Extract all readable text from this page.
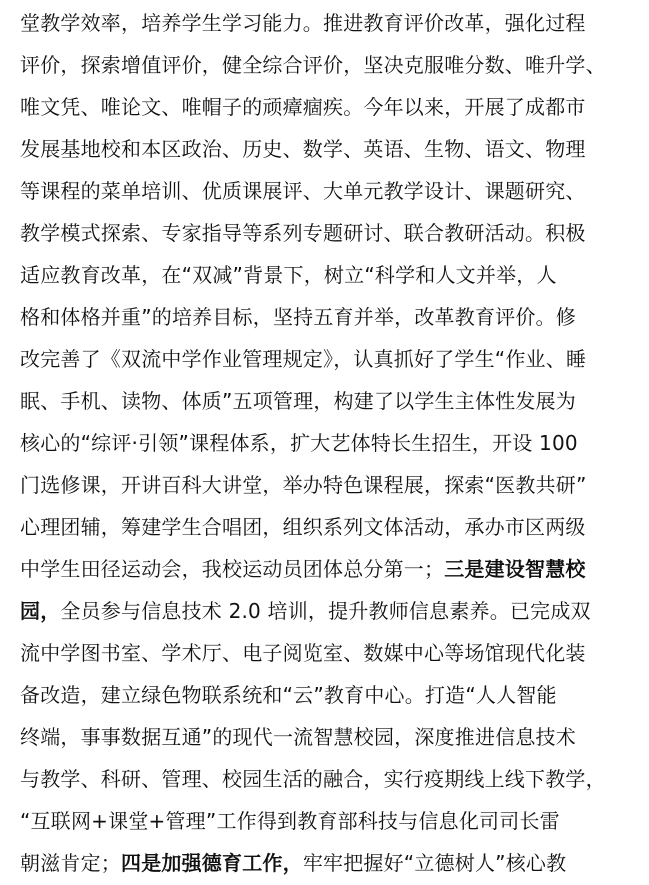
堂教学效率，培养学生学习能力。推进教育评价改革，强化过程
评价，探索增值评价，健全综合评价，坚决克服唯分数、唯升学、
唯文凭、唯论文、唯帽子的顽瘴痼疾。今年以来，开展了成都市
发展基地校和本区政治、历史、数学、英语、生物、语文、物理
等课程的菜单培训、优质课展评、大单元教学设计、课题研究、
教学模式探索、专家指导等系列专题研讨、联合教研活动。积极
适应教育改革，在“双减”背景下，树立“科学和人文并举，人
格和体格并重”的培养目标，坚持五育并举，改革教育评价。修
改完善了《双流中学作业管理规定》，认真抓好了学生“作业、睡
眠、手机、读物、体质”五项管理，构建了以学生主体性发展为
核心的“综评·引领”课程体系，扩大艺体特长生招生，开设 100
门选修课，开讲百科大讲堂，举办特色课程展，探索“医教共研”
心理团辅，筹建学生合唱团，组织系列文体活动，承办市区两级
中学生田径运动会，我校运动员团体总分第一；三是建设智慧校
园，全员参与信息技术 2.0 培训，提升教师信息素养。已完成双
流中学图书室、学术厅、电子阅览室、数媒中心等场馆现代化装
备改造，建立绿色物联系统和“云”教育中心。打造“人人智能
终端，事事数据互通”的现代一流智慧校园，深度推进信息技术
与教学、科研、管理、校园生活的融合，实行疫期线上线下教学，
“互联网+课堂+管理”工作得到教育部科技与信息化司司长雷
朝滋肯定；四是加强德育工作，牢牢把握好“立德树人”核心教
